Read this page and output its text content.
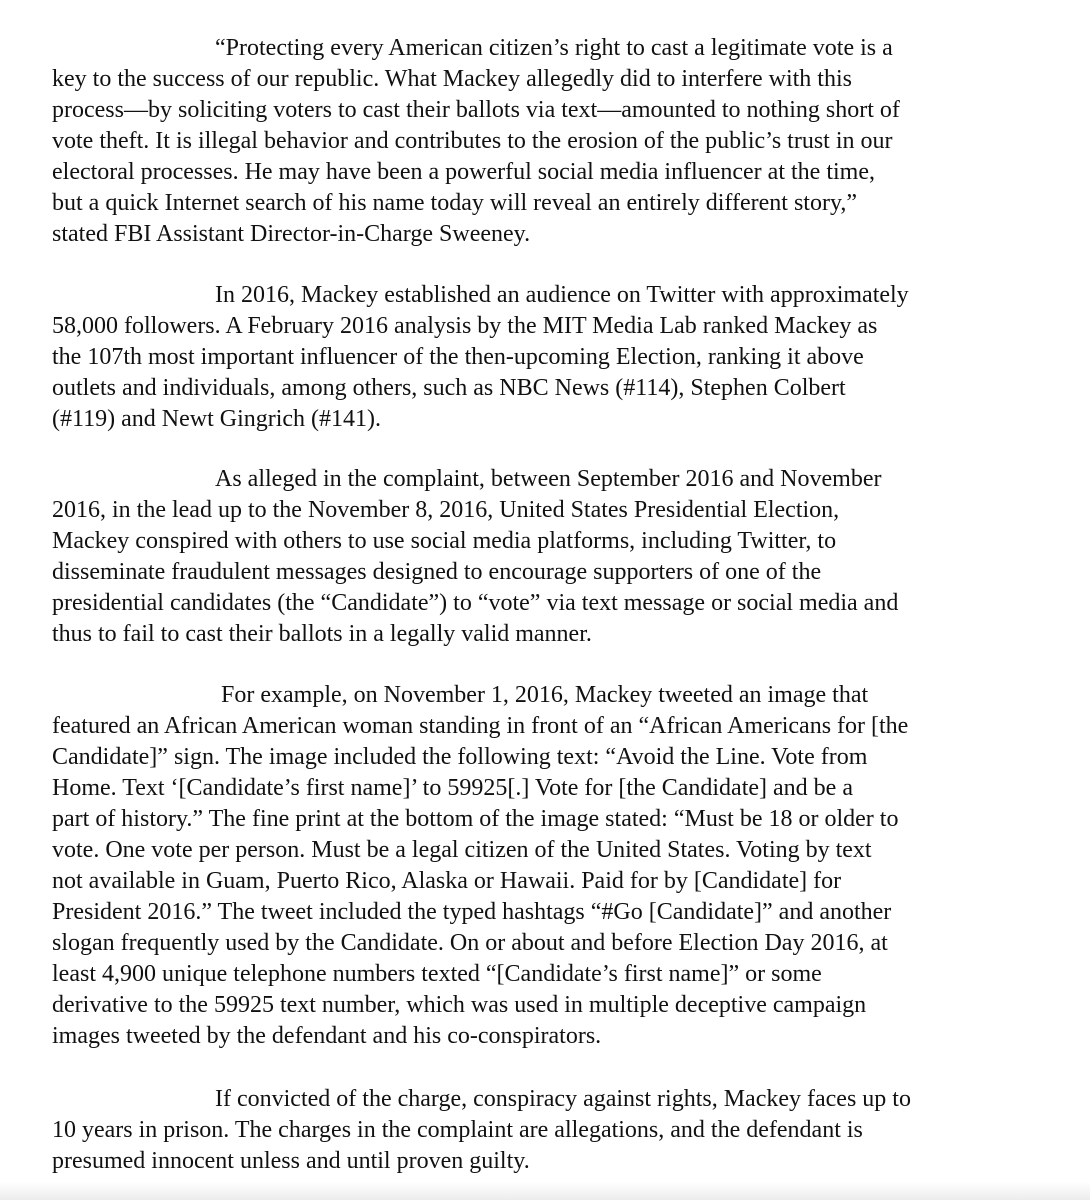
“Protecting every American citizen’s right to cast a legitimate vote is a
key to the success of our republic. What Mackey allegedly did to interfere with this
process—by soliciting voters to cast their ballots via text—amounted to nothing short of
vote theft. It is illegal behavior and contributes to the erosion of the public’s trust in our
electoral processes. He may have been a powerful social media influencer at the time,
but a quick Internet search of his name today will reveal an entirely different story,”
stated FBI Assistant Director-in-Charge Sweeney.

In 2016, Mackey established an audience on Twitter with approximately
58,000 followers. A February 2016 analysis by the MIT Media Lab ranked Mackey as
the 107th most important influencer of the then-upcoming Election, ranking it above
outlets and individuals, among others, such as NBC News (#114), Stephen Colbert
(#119) and Newt Gingrich (#141).

As alleged in the complaint, between September 2016 and November
2016, in the lead up to the November 8, 2016, United States Presidential Election,
Mackey conspired with others to use social media platforms, including Twitter, to
disseminate fraudulent messages designed to encourage supporters of one of the
presidential candidates (the “Candidate”) to “vote” via text message or social media and
thus to fail to cast their ballots in a legally valid manner.

For example, on November 1, 2016, Mackey tweeted an image that
featured an African American woman standing in front of an “African Americans for [the
Candidate]” sign. The image included the following text: “Avoid the Line. Vote from
Home. Text ‘[Candidate’s first name]’ to 59925[.] Vote for [the Candidate] and be a
part of history.” The fine print at the bottom of the image stated: “Must be 18 or older to
vote. One vote per person. Must be a legal citizen of the United States. Voting by text
not available in Guam, Puerto Rico, Alaska or Hawaii. Paid for by [Candidate] for
President 2016.” The tweet included the typed hashtags “#Go [Candidate]” and another
slogan frequently used by the Candidate. On or about and before Election Day 2016, at
least 4,900 unique telephone numbers texted “[Candidate’s first name]” or some
derivative to the 59925 text number, which was used in multiple deceptive campaign
images tweeted by the defendant and his co-conspirators.

If convicted of the charge, conspiracy against rights, Mackey faces up to
10 years in prison. The charges in the complaint are allegations, and the defendant is
presumed innocent unless and until proven guilty.
